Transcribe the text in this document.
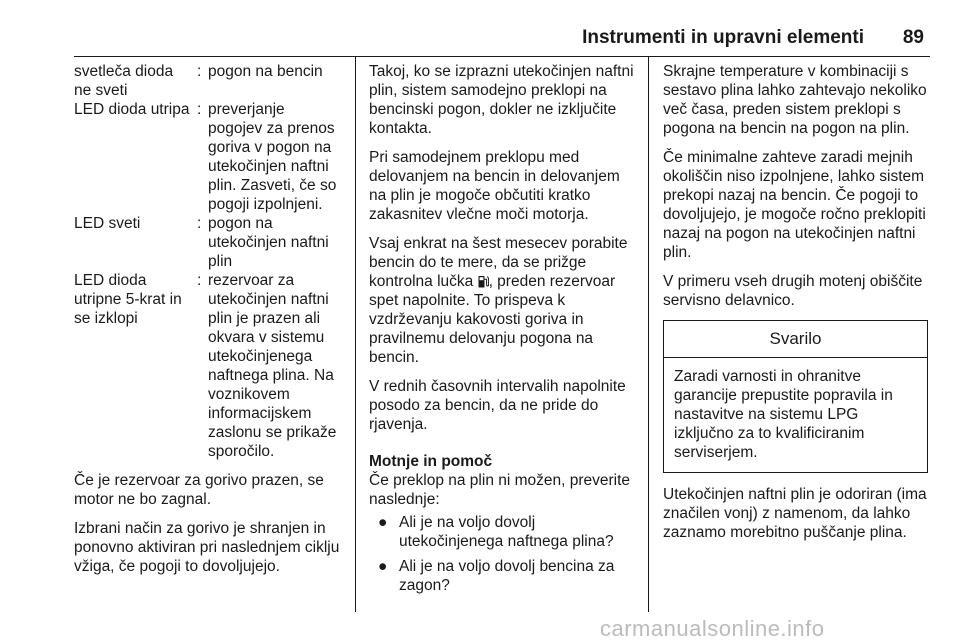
Instrumenti in upravni elementi	89
svetleča dioda ne sveti
: pogon na bencin
LED dioda utripa : preverjanje pogojev za prenos goriva v pogon na utekočinjen naftni plin. Zasveti, če so pogoji izpolnjeni.
LED sveti	: pogon na utekočinjen naftni plin
LED dioda utripne 5-krat in se izklopi
: rezervoar za utekočinjen naftni plin je prazen ali okvara v sistemu utekočinjenega naftnega plina. Na voznikovem informacijskem zaslonu se prikaže sporočilo.

Če je rezervoar za gorivo prazen, se motor ne bo zagnal.

Izbrani način za gorivo je shranjen in ponovno aktiviran pri naslednjem ciklju vžiga, če pogoji to dovoljujejo.

Takoj, ko se izprazni utekočinjen naftni plin, sistem samodejno preklopi na bencinski pogon, dokler ne izključite kontakta.

Pri samodejnem preklopu med delovanjem na bencin in delovanjem na plin je mogoče občutiti kratko zakasnitev vlečne moči motorja.

Vsaj enkrat na šest mesecev porabite bencin do te mere, da se prižge kontrolna lučka , preden rezervoar spet napolnite. To prispeva k vzdrževanju kakovosti goriva in pravilnemu delovanju pogona na bencin.

V rednih časovnih intervalih napolnite posodo za bencin, da ne pride do rjavenja.

Motnje in pomoč

Če preklop na plin ni možen, preverite naslednje:

● Ali je na voljo dovolj utekočinjenega naftnega plina?
● Ali je na voljo dovolj bencina za zagon?

Skrajne temperature v kombinaciji s sestavo plina lahko zahtevajo nekoliko več časa, preden sistem preklopi s pogona na bencin na pogon na plin.

Če minimalne zahteve zaradi mejnih okoliščin niso izpolnjene, lahko sistem prekopi nazaj na bencin. Če pogoji to dovoljujejo, je mogoče ročno preklopiti nazaj na pogon na utekočinjen naftni plin.

V primeru vseh drugih motenj obiščite servisno delavnico.

Svarilo
Zaradi varnosti in ohranitve garancije prepustite popravila in nastavitve na sistemu LPG izključno za to kvalificiranim serviserjem.

Utekočinjen naftni plin je odoriran (ima značilen vonj) z namenom, da lahko zaznamo morebitno puščanje plina.

carmanualsonline.info
